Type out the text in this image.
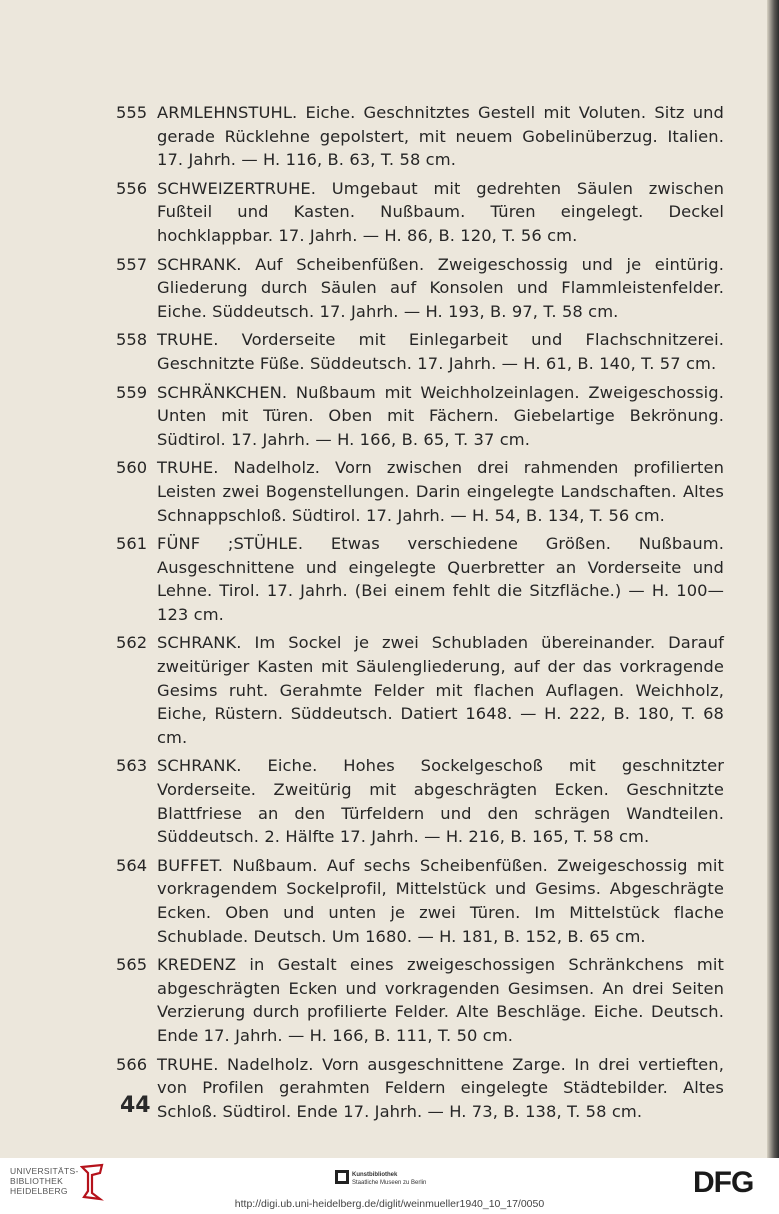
555 ARMLEHNSTUHL. Eiche. Geschnitztes Gestell mit Voluten. Sitz und gerade Rücklehne gepolstert, mit neuem Gobelinüberzug. Italien. 17. Jahrh. — H. 116, B. 63, T. 58 cm.
556 SCHWEIZERTRUHE. Umgebaut mit gedrehten Säulen zwischen Fußteil und Kasten. Nußbaum. Türen eingelegt. Deckel hochklappbar. 17. Jahrh. — H. 86, B. 120, T. 56 cm.
557 SCHRANK. Auf Scheibenfüßen. Zweigeschossig und je eintürig. Gliederung durch Säulen auf Konsolen und Flammleistenfelder. Eiche. Süddeutsch. 17. Jahrh. — H. 193, B. 97, T. 58 cm.
558 TRUHE. Vorderseite mit Einlegarbeit und Flachschnitzerei. Geschnitzte Füße. Süddeutsch. 17. Jahrh. — H. 61, B. 140, T. 57 cm.
559 SCHRÄNKCHEN. Nußbaum mit Weichholzeinlagen. Zweigeschossig. Unten mit Türen. Oben mit Fächern. Giebelartige Bekrönung. Südtirol. 17. Jahrh. — H. 166, B. 65, T. 37 cm.
560 TRUHE. Nadelholz. Vorn zwischen drei rahmenden profilierten Leisten zwei Bogenstellungen. Darin eingelegte Landschaften. Altes Schnappschloß. Südtirol. 17. Jahrh. — H. 54, B. 134, T. 56 cm.
561 FÜNF ;STÜHLE. Etwas verschiedene Größen. Nußbaum. Ausgeschnittene und eingelegte Querbretter an Vorderseite und Lehne. Tirol. 17. Jahrh. (Bei einem fehlt die Sitzfläche.) — H. 100—123 cm.
562 SCHRANK. Im Sockel je zwei Schubladen übereinander. Darauf zweitüriger Kasten mit Säulengliederung, auf der das vorkragende Gesims ruht. Gerahmte Felder mit flachen Auflagen. Weichholz, Eiche, Rüstern. Süddeutsch. Datiert 1648. — H. 222, B. 180, T. 68 cm.
563 SCHRANK. Eiche. Hohes Sockelgeschoß mit geschnitzter Vorderseite. Zweitürig mit abgeschrägten Ecken. Geschnitzte Blattfriese an den Türfeldern und den schrägen Wandteilen. Süddeutsch. 2. Hälfte 17. Jahrh. — H. 216, B. 165, T. 58 cm.
564 BUFFET. Nußbaum. Auf sechs Scheibenfüßen. Zweigeschossig mit vorkragendem Sockelprofil, Mittelstück und Gesims. Abgeschrägte Ecken. Oben und unten je zwei Türen. Im Mittelstück flache Schublade. Deutsch. Um 1680. — H. 181, B. 152, B. 65 cm.
565 KREDENZ in Gestalt eines zweigeschossigen Schränkchens mit abgeschrägten Ecken und vorkragenden Gesimsen. An drei Seiten Verzierung durch profilierte Felder. Alte Beschläge. Eiche. Deutsch. Ende 17. Jahrh. — H. 166, B. 111, T. 50 cm.
566 TRUHE. Nadelholz. Vorn ausgeschnittene Zarge. In drei vertieften, von Profilen gerahmten Feldern eingelegte Städtebilder. Altes Schloß. Südtirol. Ende 17. Jahrh. — H. 73, B. 138, T. 58 cm.
44
UNIVERSITÄTS-
BIBLIOTHEK
HEIDELBERG
Kunstbibliothek
Staatliche Museen zu Berlin	DFG
http://digi.ub.uni-heidelberg.de/diglit/weinmueller1940_10_17/0050
